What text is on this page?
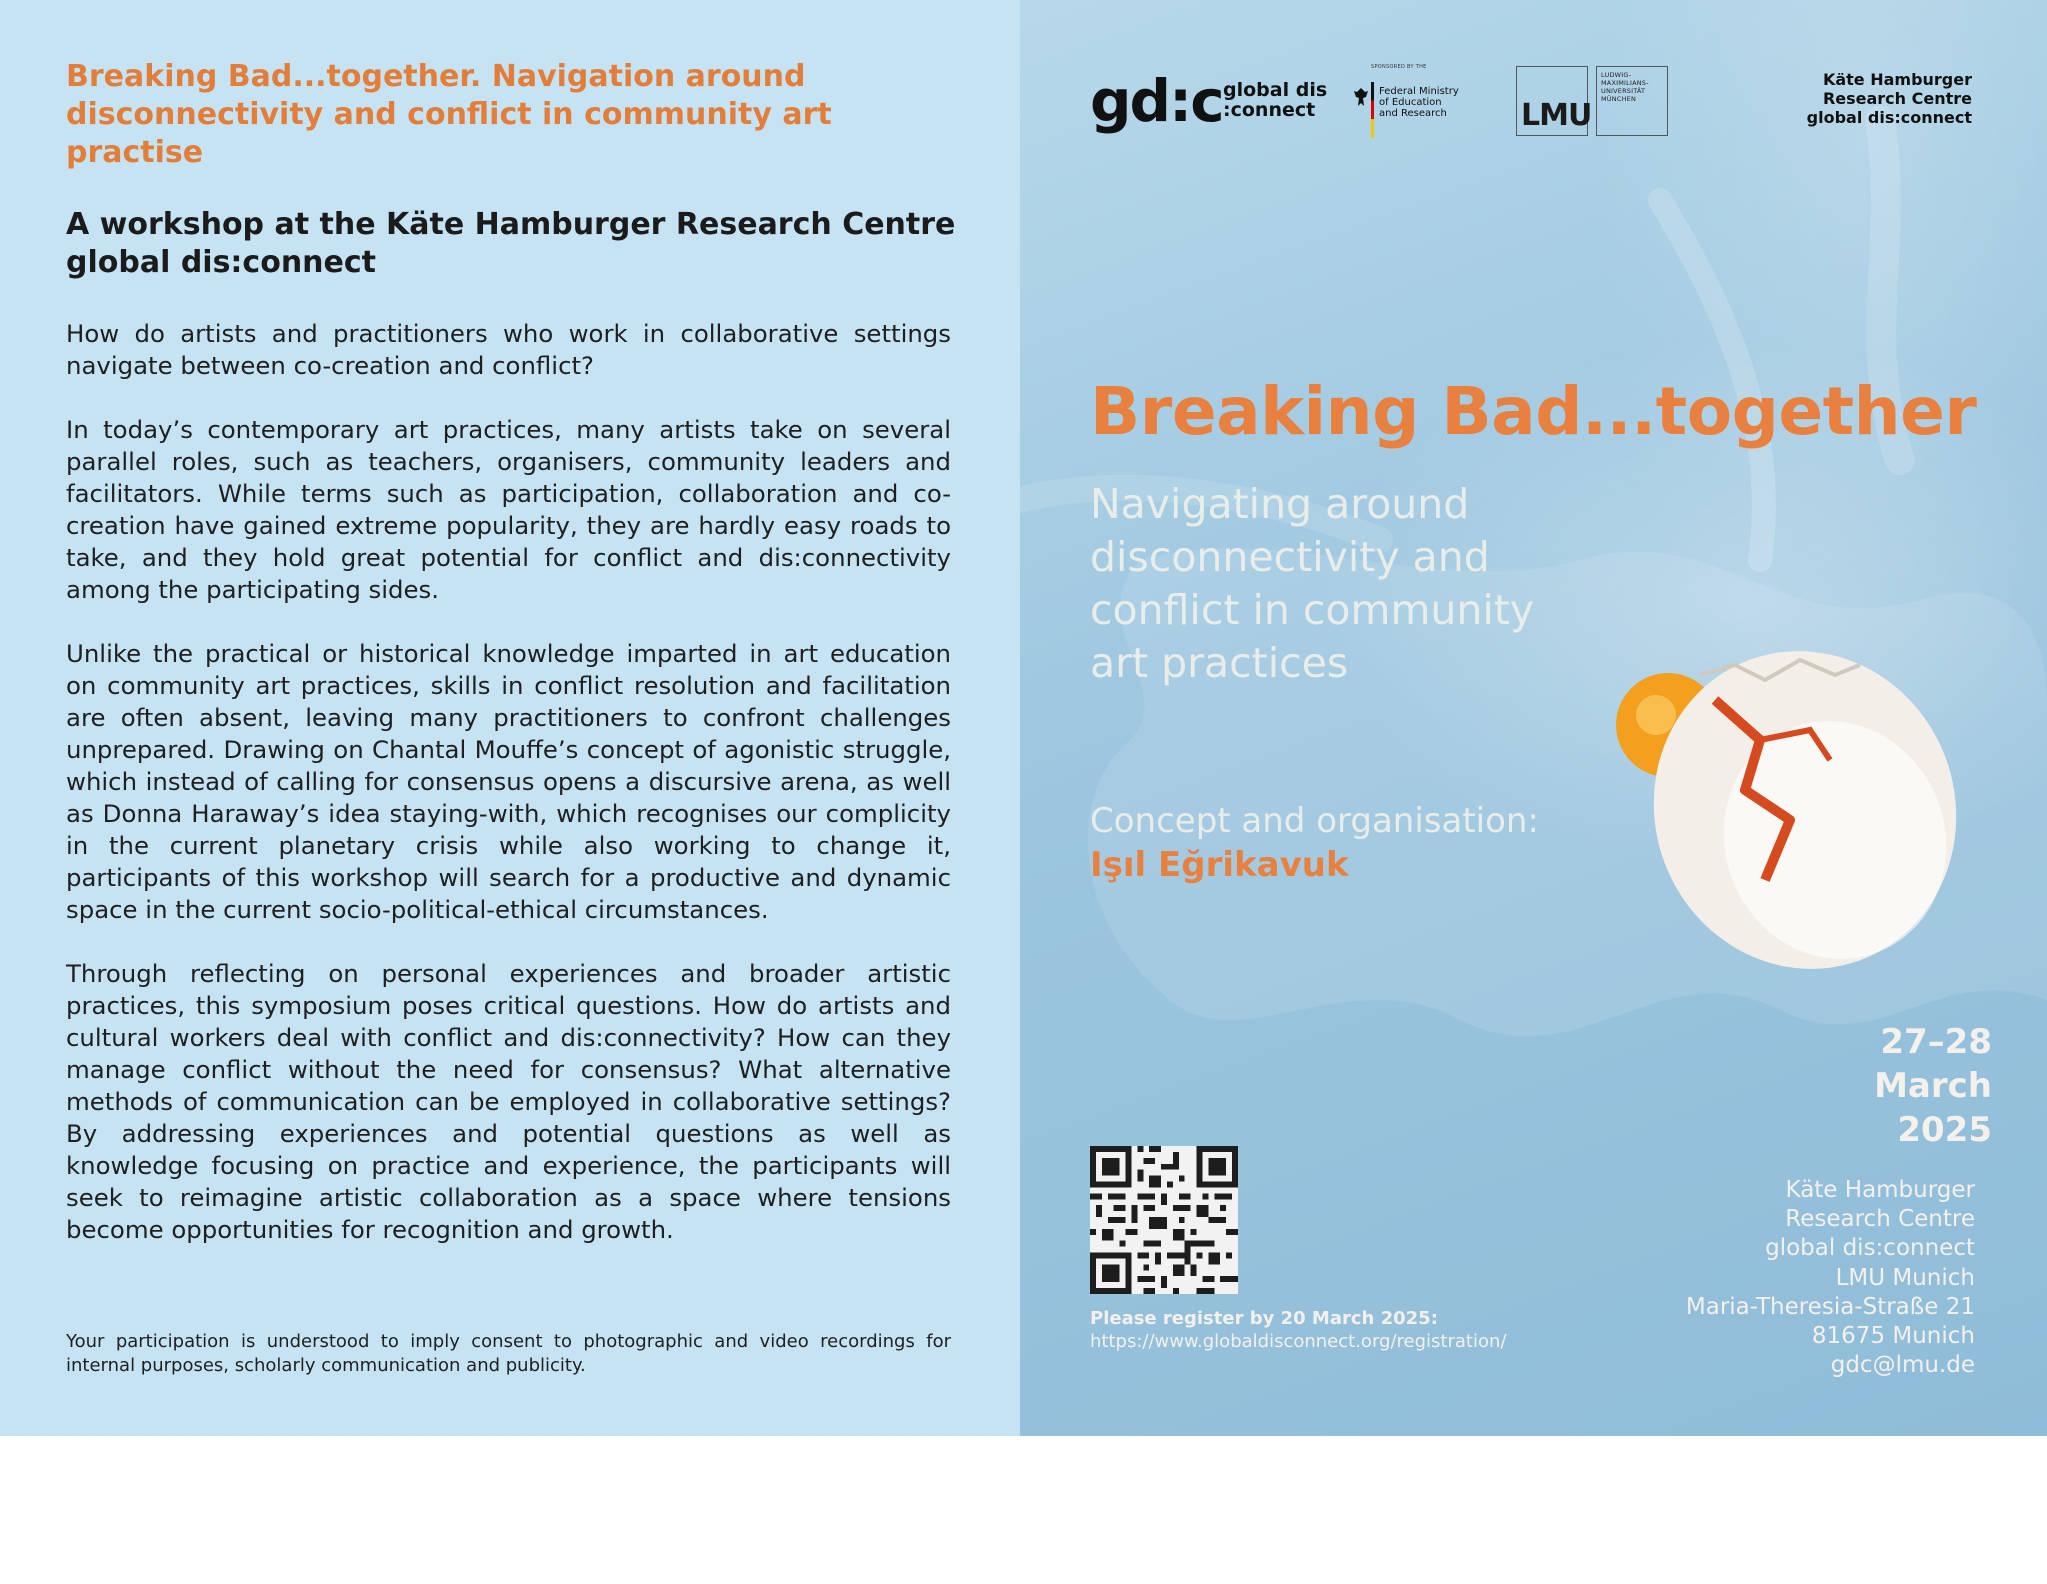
Breaking Bad...together. Navigation around disconnectivity and conflict in community art practise
A workshop at the Käte Hamburger Research Centre global dis:connect

How do artists and practitioners who work in collaborative settings navigate between co-creation and conflict?

In today’s contemporary art practices, many artists take on several parallel roles, such as teachers, organisers, community leaders and facilitators. While terms such as participation, collaboration and co-creation have gained extreme popularity, they are hardly easy roads to take, and they hold great potential for conflict and dis:connectivity among the participating sides.

Unlike the practical or historical knowledge imparted in art education on community art practices, skills in conflict resolution and facilitation are often absent, leaving many practitioners to confront challenges unprepared. Drawing on Chantal Mouffe’s concept of agonistic struggle, which instead of calling for consensus opens a discursive arena, as well as Donna Haraway’s idea staying-with, which recognises our complicity in the current planetary crisis while also working to change it, participants of this workshop will search for a productive and dynamic space in the current socio-political-ethical circumstances.

Through reflecting on personal experiences and broader artistic practices, this symposium poses critical questions. How do artists and cultural workers deal with conflict and dis:connectivity? How can they manage conflict without the need for consensus? What alternative methods of communication can be employed in collaborative settings? By addressing experiences and potential questions as well as knowledge focusing on practice and experience, the participants will seek to reimagine artistic collaboration as a space where tensions become opportunities for recognition and growth.

Your participation is understood to imply consent to photographic and video recordings for internal purposes, scholarly communication and publicity.

gd:c global dis
:connect
SPONSORED BY THE
Federal Ministry
of Education
and Research	LMU
LUDWIG-
MAXIMILIANS-
UNIVERSITÄT
MÜNCHEN
Käte Hamburger
Research Centre
global dis:connect
Breaking Bad...together

Navigating around disconnectivity and conflict in community art practices

Concept and organisation:
Işıl Eğrikavuk
27–28
March
2025
Käte Hamburger
Research Centre
global dis:connect
LMU Munich
Maria-Theresia-Straße 21
81675 Munich
gdc@lmu.de
Please register by 20 March 2025:
https://www.globaldisconnect.org/registration/
